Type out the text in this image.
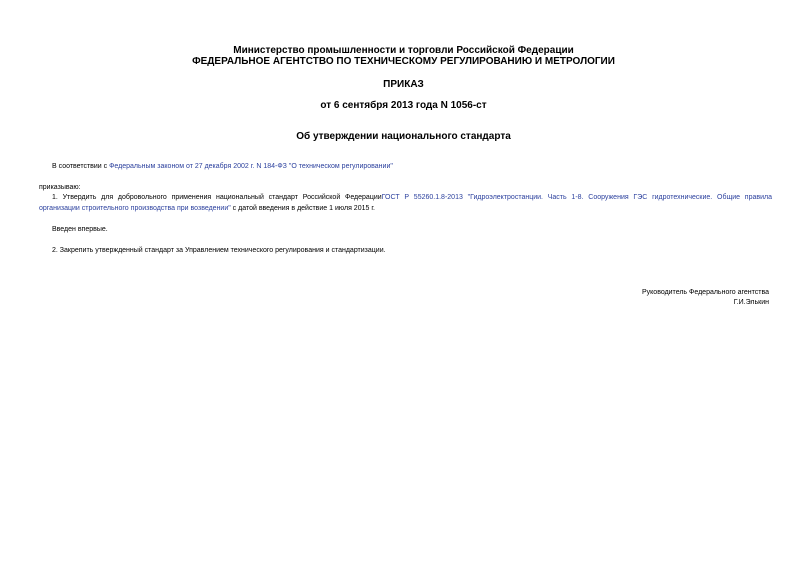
Министерство промышленности и торговли Российской Федерации
ФЕДЕРАЛЬНОЕ АГЕНТСТВО ПО ТЕХНИЧЕСКОМУ РЕГУЛИРОВАНИЮ И МЕТРОЛОГИИ
ПРИКАЗ
от 6 сентября 2013 года N 1056-ст
Об утверждении национального стандарта
В соответствии с Федеральным законом от 27 декабря 2002 г. N 184-ФЗ "О техническом регулировании"
приказываю:
1. Утвердить для добровольного применения национальный стандарт Российской ФедерацииГОСТ Р 55260.1.8-2013 "Гидроэлектростанции. Часть 1-8. Сооружения ГЭС гидротехнические. Общие правила
организации строительного производства при возведении" с датой введения в действие 1 июля 2015 г.
Введен впервые.
2. Закрепить утвержденный стандарт за Управлением технического регулирования и стандартизации.
Руководитель Федерального агентства
Г.И.Элькин
